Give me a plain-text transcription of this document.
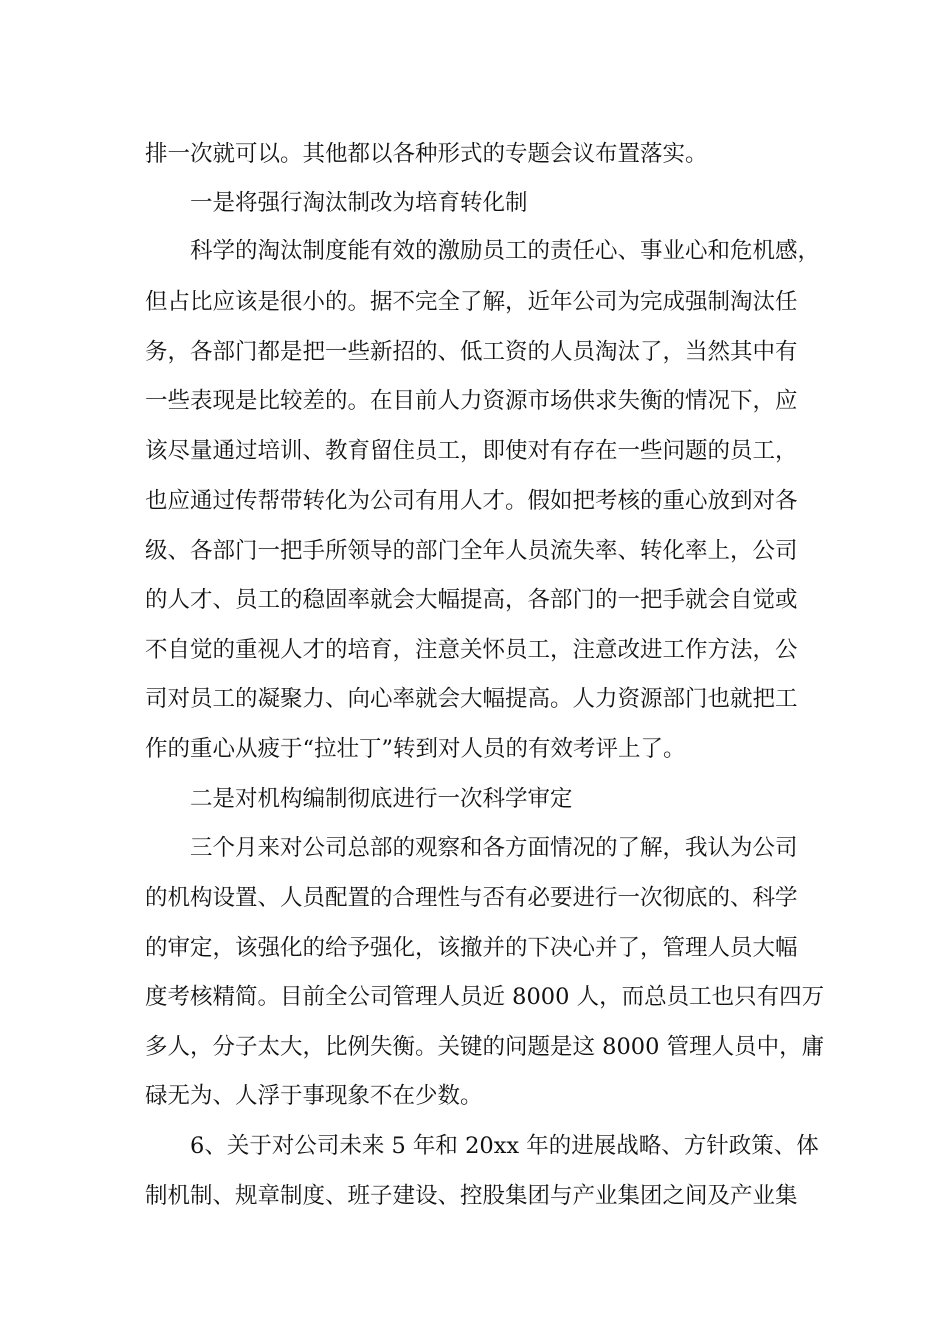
排一次就可以。其他都以各种形式的专题会议布置落实。
一是将强行淘汰制改为培育转化制
科学的淘汰制度能有效的激励员工的责任心、事业心和危机感，
但占比应该是很小的。据不完全了解，近年公司为完成强制淘汰任
务，各部门都是把一些新招的、低工资的人员淘汰了，当然其中有
一些表现是比较差的。在目前人力资源市场供求失衡的情况下，应
该尽量通过培训、教育留住员工，即使对有存在一些问题的员工，
也应通过传帮带转化为公司有用人才。假如把考核的重心放到对各
级、各部门一把手所领导的部门全年人员流失率、转化率上，公司
的人才、员工的稳固率就会大幅提高，各部门的一把手就会自觉或
不自觉的重视人才的培育，注意关怀员工，注意改进工作方法，公
司对员工的凝聚力、向心率就会大幅提高。人力资源部门也就把工
作的重心从疲于“拉壮丁”转到对人员的有效考评上了。
二是对机构编制彻底进行一次科学审定
三个月来对公司总部的观察和各方面情况的了解，我认为公司
的机构设置、人员配置的合理性与否有必要进行一次彻底的、科学
的审定，该强化的给予强化，该撤并的下决心并了，管理人员大幅
度考核精简。目前全公司管理人员近 8000 人，而总员工也只有四万
多人，分子太大，比例失衡。关键的问题是这 8000 管理人员中，庸
碌无为、人浮于事现象不在少数。
6、关于对公司未来 5 年和 20xx 年的进展战略、方针政策、体
制机制、规章制度、班子建设、控股集团与产业集团之间及产业集
